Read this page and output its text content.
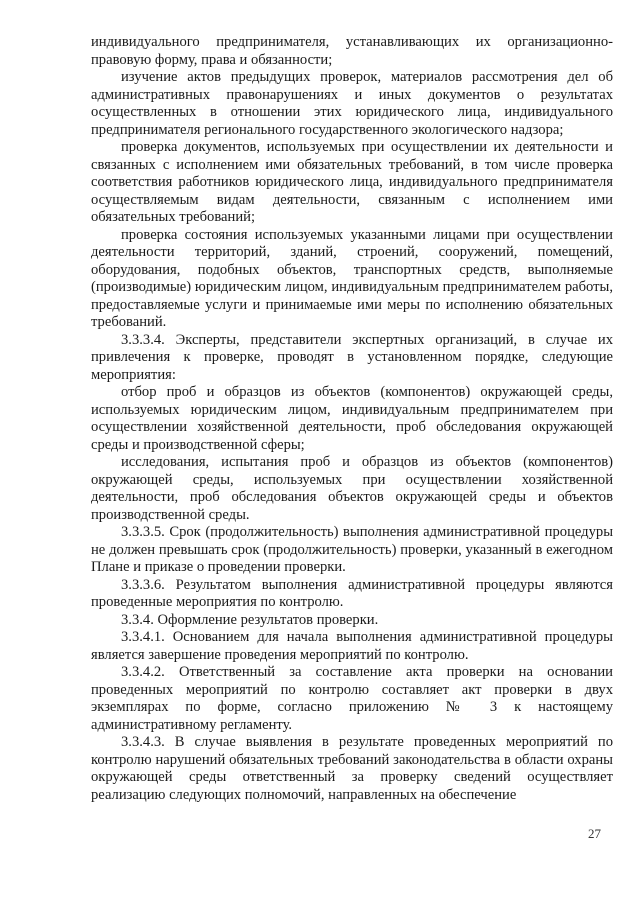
индивидуального предпринимателя, устанавливающих их организационно-правовую форму, права и обязанности;

изучение актов предыдущих проверок, материалов рассмотрения дел об административных правонарушениях и иных документов о результатах осуществленных в отношении этих юридического лица, индивидуального предпринимателя регионального государственного экологического надзора;

проверка документов, используемых при осуществлении их деятельности и связанных с исполнением ими обязательных требований, в том числе проверка соответствия работников юридического лица, индивидуального предпринимателя осуществляемым видам деятельности, связанным с исполнением ими обязательных требований;

проверка состояния используемых указанными лицами при осуществлении деятельности территорий, зданий, строений, сооружений, помещений, оборудования, подобных объектов, транспортных средств, выполняемые (производимые) юридическим лицом, индивидуальным предпринимателем работы, предоставляемые услуги и принимаемые ими меры по исполнению обязательных требований.

3.3.3.4. Эксперты, представители экспертных организаций, в случае их привлечения к проверке, проводят в установленном порядке, следующие мероприятия:

отбор проб и образцов из объектов (компонентов) окружающей среды, используемых юридическим лицом, индивидуальным предпринимателем при осуществлении хозяйственной деятельности, проб обследования окружающей среды и производственной сферы;

исследования, испытания проб и образцов из объектов (компонентов) окружающей среды, используемых при осуществлении хозяйственной деятельности, проб обследования объектов окружающей среды и объектов производственной среды.

3.3.3.5. Срок (продолжительность) выполнения административной процедуры не должен превышать срок (продолжительность) проверки, указанный в ежегодном Плане и приказе о проведении проверки.

3.3.3.6. Результатом выполнения административной процедуры являются проведенные мероприятия по контролю.

3.3.4. Оформление результатов проверки.

3.3.4.1. Основанием для начала выполнения административной процедуры является завершение проведения мероприятий по контролю.

3.3.4.2. Ответственный за составление акта проверки на основании проведенных мероприятий по контролю составляет акт проверки в двух экземплярах по форме, согласно приложению № 3 к настоящему административному регламенту.

3.3.4.3. В случае выявления в результате проведенных мероприятий по контролю нарушений обязательных требований законодательства в области охраны окружающей среды ответственный за проверку сведений осуществляет реализацию следующих полномочий, направленных на обеспечение

27
